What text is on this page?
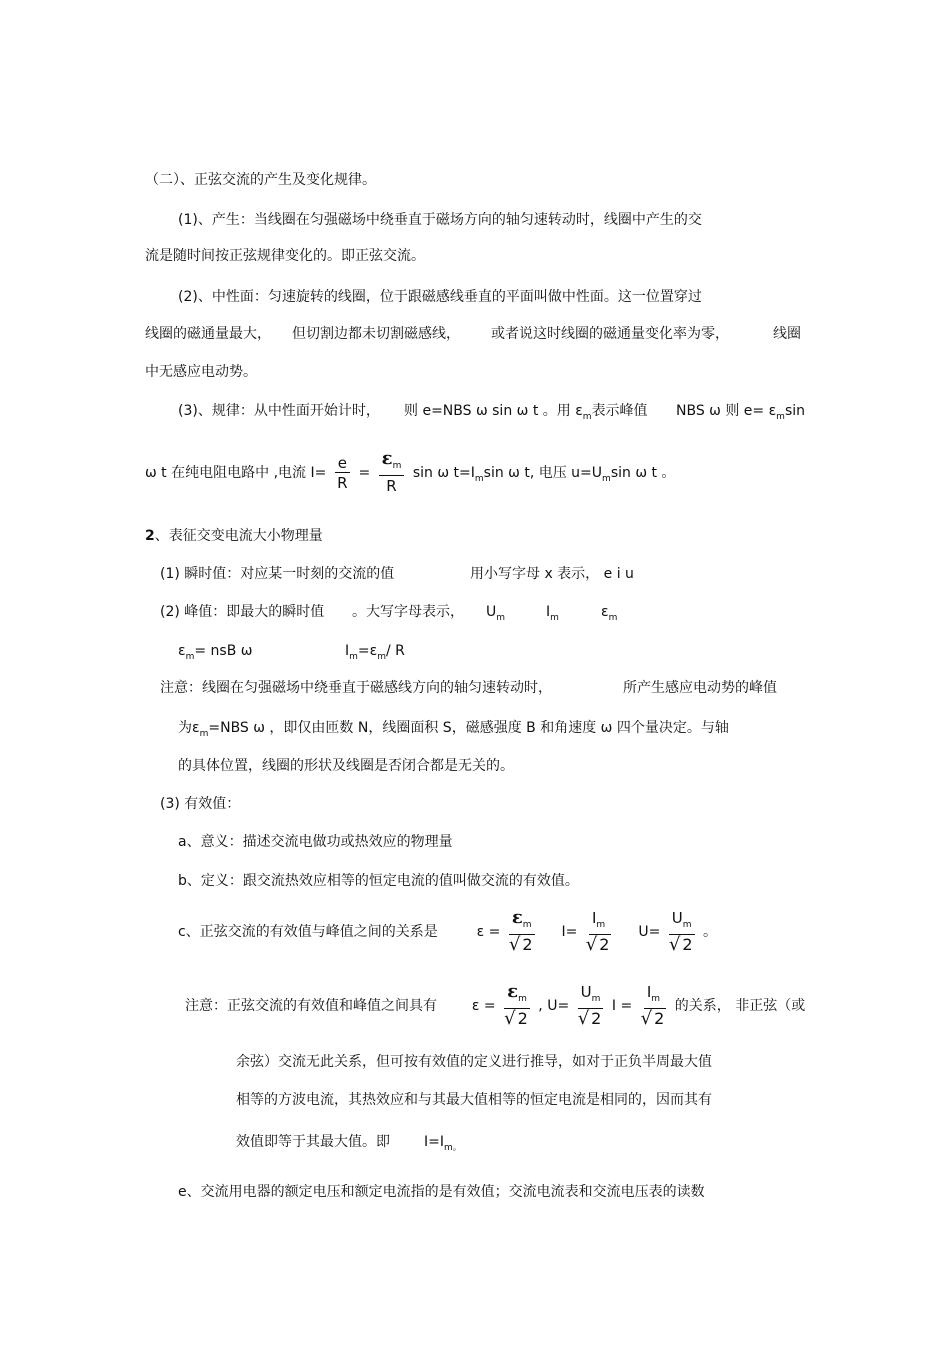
（二）、正弦交流的产生及变化规律。
(1)、产生：当线圈在匀强磁场中绕垂直于磁场方向的轴匀速转动时，线圈中产生的交
流是随时间按正弦规律变化的。即正弦交流。
(2)、中性面：匀速旋转的线圈，位于跟磁感线垂直的平面叫做中性面。这一位置穿过
线圈的磁通量最大， 但切割边都未切割磁感线， 或者说这时线圈的磁通量变化率为零，	线圈
中无感应电动势。
(3)、规律：从中性面开始计时， 则 e=NBS ω sin ω t 。用 $\varepsilon_m$表示峰值 NBS ω 则 $e= \varepsilon_m\sin$
ω t 在纯电阻电路中 ,电流 $I= \frac{e}{R} = \frac{\varepsilon_m}{R}$ sin ω $t=I_m\sin$ ω t, 电压 $u=U_m\sin$ ω t 。
2、表征交变电流大小物理量
(1) 瞬时值：对应某一时刻的交流的值	用小写字母 x 表示， e i u
(2) 峰值：即最大的瞬时值 。大写字母表示， $U_m$	$I_m$	$\varepsilon_m$
$\varepsilon_m=$ nsB ω	$I_m=\varepsilon_m/$ R
注意：线圈在匀强磁场中绕垂直于磁感线方向的轴匀速转动时，	所产生感应电动势的峰值
为$\varepsilon_m=NBS$ ω ，即仅由匝数 N，线圈面积 S，磁感强度 B 和角速度 ω 四个量决定。与轴
的具体位置，线圈的形状及线圈是否闭合都是无关的。
(3) 有效值：
a、意义：描述交流电做功或热效应的物理量
b、定义：跟交流热效应相等的恒定电流的值叫做交流的有效值。
c、正弦交流的有效值与峰值之间的关系是	$\varepsilon = \frac{\varepsilon_m}{√ 2} I= \frac{I_m}{√ 2} U= \frac{U_m}{√ 2}$ 。
注意：正弦交流的有效值和峰值之间具有 $\varepsilon = \frac{\varepsilon_m}{√ 2}$ , $U= \frac{U_m}{√ 2}$ $I = \frac{I_m}{√ 2}$ 的关系， 非正弦（或
余弦）交流无此关系，但可按有效值的定义进行推导，如对于正负半周最大值
相等的方波电流，其热效应和与其最大值相等的恒定电流是相同的，因而其有
效值即等于其最大值。即 $I=I_{m。}$
e、交流用电器的额定电压和额定电流指的是有效值；交流电流表和交流电压表的读数
